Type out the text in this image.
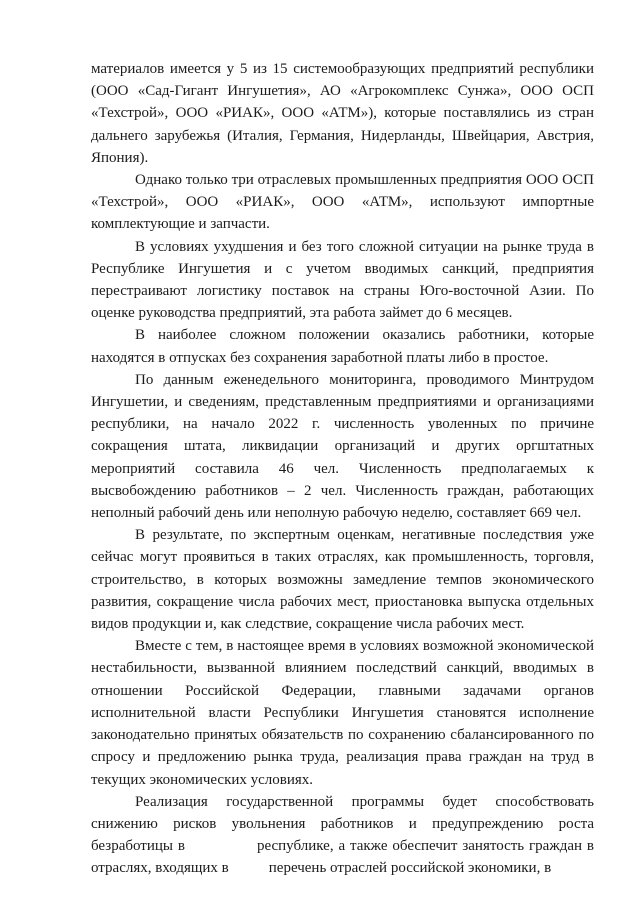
материалов имеется у 5 из 15 системообразующих предприятий республики (ООО «Сад-Гигант Ингушетия», АО «Агрокомплекс Сунжа», ООО ОСП «Техстрой», ООО «РИАК», ООО «АТМ»), которые поставлялись из стран дальнего зарубежья (Италия, Германия, Нидерланды, Швейцария, Австрия, Япония).

Однако только три отраслевых промышленных предприятия ООО ОСП «Техстрой», ООО «РИАК», ООО «АТМ», используют импортные комплектующие и запчасти.

В условиях ухудшения и без того сложной ситуации на рынке труда в Республике Ингушетия и с учетом вводимых санкций, предприятия перестраивают логистику поставок на страны Юго-восточной Азии. По оценке руководства предприятий, эта работа займет до 6 месяцев.

В наиболее сложном положении оказались работники, которые находятся в отпусках без сохранения заработной платы либо в простое.

По данным еженедельного мониторинга, проводимого Минтрудом Ингушетии, и сведениям, представленным предприятиями и организациями республики, на начало 2022 г. численность уволенных по причине сокращения штата, ликвидации организаций и других оргштатных мероприятий составила 46 чел. Численность предполагаемых к высвобождению работников – 2 чел. Численность граждан, работающих неполный рабочий день или неполную рабочую неделю, составляет 669 чел.

В результате, по экспертным оценкам, негативные последствия уже сейчас могут проявиться в таких отраслях, как промышленность, торговля, строительство, в которых возможны замедление темпов экономического развития, сокращение числа рабочих мест, приостановка выпуска отдельных видов продукции и, как следствие, сокращение числа рабочих мест.

Вместе с тем, в настоящее время в условиях возможной экономической нестабильности, вызванной влиянием последствий санкций, вводимых в отношении Российской Федерации, главными задачами органов исполнительной власти Республики Ингушетия становятся исполнение законодательно принятых обязательств по сохранению сбалансированного по спросу и предложению рынка труда, реализация права граждан на труд в текущих экономических условиях.

Реализация государственной программы будет способствовать снижению рисков увольнения работников и предупреждению роста безработицы в	республике, а также обеспечит занятость граждан в отраслях, входящих в	перечень отраслей российской экономики, в
